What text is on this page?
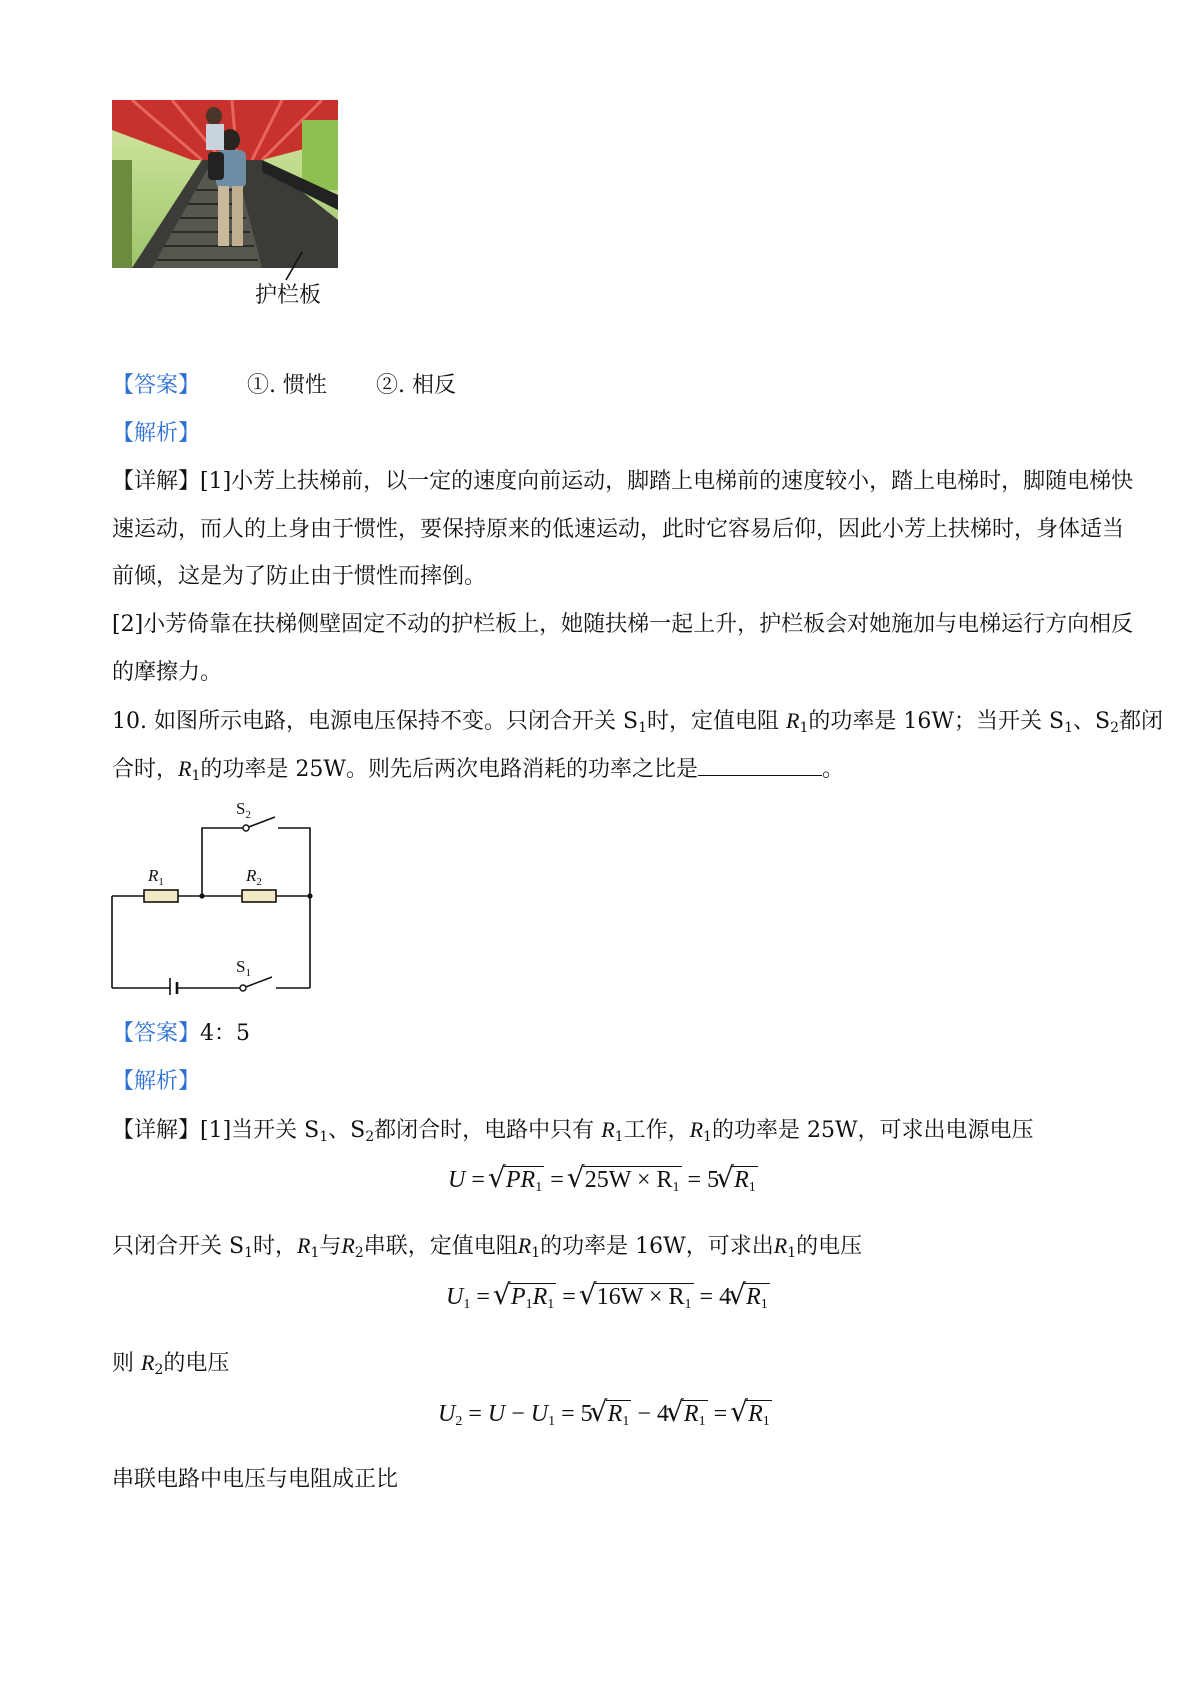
护栏板
【答案】 ①. 惯性 ②. 相反
【解析】
【详解】[1]小芳上扶梯前，以一定的速度向前运动，脚踏上电梯前的速度较小，踏上电梯时，脚随电梯快
速运动，而人的上身由于惯性，要保持原来的低速运动，此时它容易后仰，因此小芳上扶梯时，身体适当
前倾，这是为了防止由于惯性而摔倒。
[2]小芳倚靠在扶梯侧壁固定不动的护栏板上，她随扶梯一起上升，护栏板会对她施加与电梯运行方向相反
的摩擦力。
10. 如图所示电路，电源电压保持不变。只闭合开关 $S_1$时，定值电阻 $R_1$的功率是 16W；当开关 $S_1$、$S_2$都闭
合时，$R_1$的功率是 25W。则先后两次电路消耗的功率之比是	。
$S_2$
$R_1$	$R_2$
$S_1$
【答案】4：5
【解析】
【详解】[1]当开关 $S_1$、$S_2$都闭合时，电路中只有 $R_1$工作，$R_1$的功率是 25W，可求出电源电压
U = √ $PR_1$ = √ $25W \times R_1 = 5√$ $R_1$
只闭合开关 $S_1$时，$R_1$与$R_2$串联，定值电阻$R_1$的功率是 16W，可求出$R_1$的电压
$U_1$ = √ $P_1R_1$ = √ $16W \times R_1 = 4√$ $R_1$
则 $R_2$的电压
$U_2 = U - U_1 = 5√$ $R_1 - 4√$ $R_1$ = √ $R_1$
串联电路中电压与电阻成正比
